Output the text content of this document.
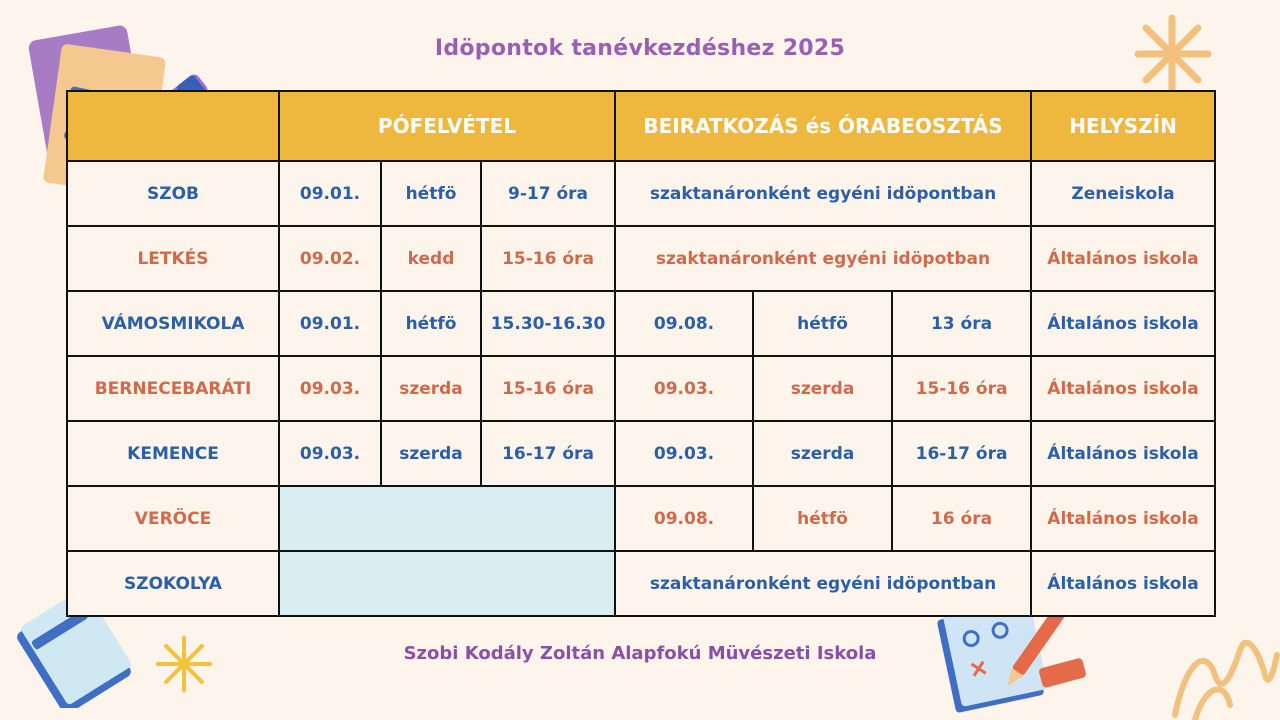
Idöpontok tanévkezdéshez 2025
	PÓFELVÉTEL			BEIRATKOZÁS és ÓRABEOSZTÁS			HELYSZÍN
SZOB	09.01.	hétfö	9-17 óra	szaktanáronként egyéni idöpontban			Zeneiskola
LETKÉS	09.02.	kedd	15-16 óra	szaktanáronként egyéni idöpotban			Általános iskola
VÁMOSMIKOLA	09.01.	hétfö	15.30-16.30	09.08.	hétfö	13 óra	Általános iskola
BERNECEBARÁTI	09.03.	szerda	15-16 óra	09.03.	szerda	15-16 óra	Általános iskola
KEMENCE	09.03.	szerda	16-17 óra	09.03.	szerda	16-17 óra	Általános iskola
VERÖCE				09.08.	hétfö	16 óra	Általános iskola
SZOKOLYA				szaktanáronként egyéni idöpontban			Általános iskola
Szobi Kodály Zoltán Alapfokú Müvészeti Iskola
